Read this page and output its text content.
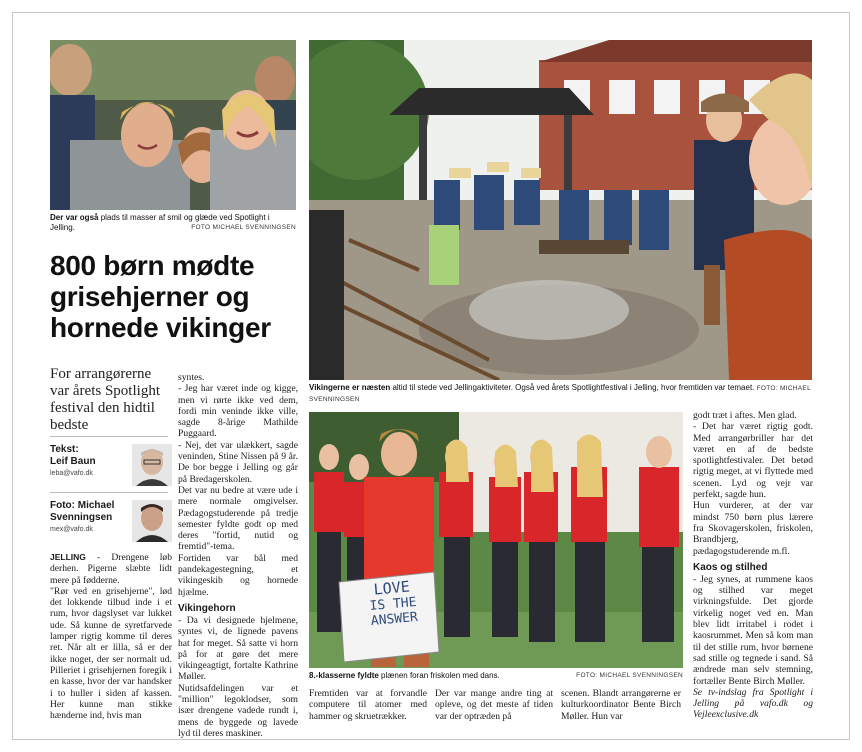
Der var også plads til masser af smil og glæde ved Spotlight i Jelling.	FOTO MICHAEL SVENNINGSEN
Vikingerne er næsten altid til stede ved Jellingaktiviteter. Også ved årets Spotlightfestival i Jelling, hvor fremtiden var temaet. FOTO: MICHAEL SVENNINGSEN
800 børn mødte grisehjerner og hornede vikinger

For arrangørerne var årets Spotlight festival den hidtil bedste

Tekst:
Leif Baun
leba@vafo.dk
Foto: Michael
Svenningsen
mex@vafo.dk

JELLING - Drengene løb derhen. Pigerne slæbte lidt mere på fødderne.

"Rør ved en grisehjerne", lød det lokkende tilbud inde i et rum, hvor dagslyset var lukket ude. Så kunne de syretfarvede lamper rigtig komme til deres ret. Når alt er lilla, så er der ikke noget, der ser normalt ud. Pilleriet i grisehjernen foregik i en kasse, hvor der var handsker i to huller i siden af kassen. Her kunne man stikke hænderne ind, hvis man

syntes.

- Jeg har været inde og kigge, men vi rørte ikke ved dem, fordi min veninde ikke ville, sagde 8-årige Mathilde Puggaard.

- Nej, det var ulækkert, sagde veninden, Stine Nissen på 9 år. De bor begge i Jelling og går på Bredagerskolen.

Det var nu bedre at være ude i mere normale omgivelser. Pædagogstuderende på tredje semester fyldte godt op med deres "fortid, nutid og fremtid"-tema.

Fortiden var bål med pandekagestegning, et vikingeskib og hornede hjælme.

Vikingehorn

- Da vi designede hjelmene, syntes vi, de lignede pavens hat for meget. Så satte vi horn på for at gøre det mere vikingeagtigt, fortalte Kathrine Møller.

Nutidsafdelingen var et "million" legoklodser, som især drengene vadede rundt i, mens de byggede og lavede lyd til deres maskiner.

LOVE
IS THE
ANSWER
8.-klasserne fyldte plænen foran friskolen med dans.	FOTO: MICHAEL SVENNINGSEN

Fremtiden var at forvandle computere til atomer med hammer og skruetrækker.

Der var mange andre ting at opleve, og det meste af tiden var der optræden på

scenen. Blandt arrangørerne er kulturkoordinator Bente Birch Møller. Hun var

godt træt i aftes. Men glad.

- Det har været rigtig godt. Med arrangørbriller har det været en af de bedste spotlightfestivaler. Det betød rigtig meget, at vi flyttede med scenen. Lyd og vejr var perfekt, sagde hun.

Hun vurderer, at der var mindst 750 børn plus lærere fra Skovagerskolen, friskolen, Brandbjerg, pædagogstuderende m.fl.

Kaos og stilhed

- Jeg synes, at rummene kaos og stilhed var meget virkningsfulde. Det gjorde virkelig noget ved en. Man blev lidt irritabel i rodet i kaosrummet. Men så kom man til det stille rum, hvor børnene sad stille og tegnede i sand. Så ændrede man selv stemning, fortæller Bente Birch Møller.

Se tv-indslag fra Spotlight i Jelling på vafo.dk og Vejleexclusive.dk
